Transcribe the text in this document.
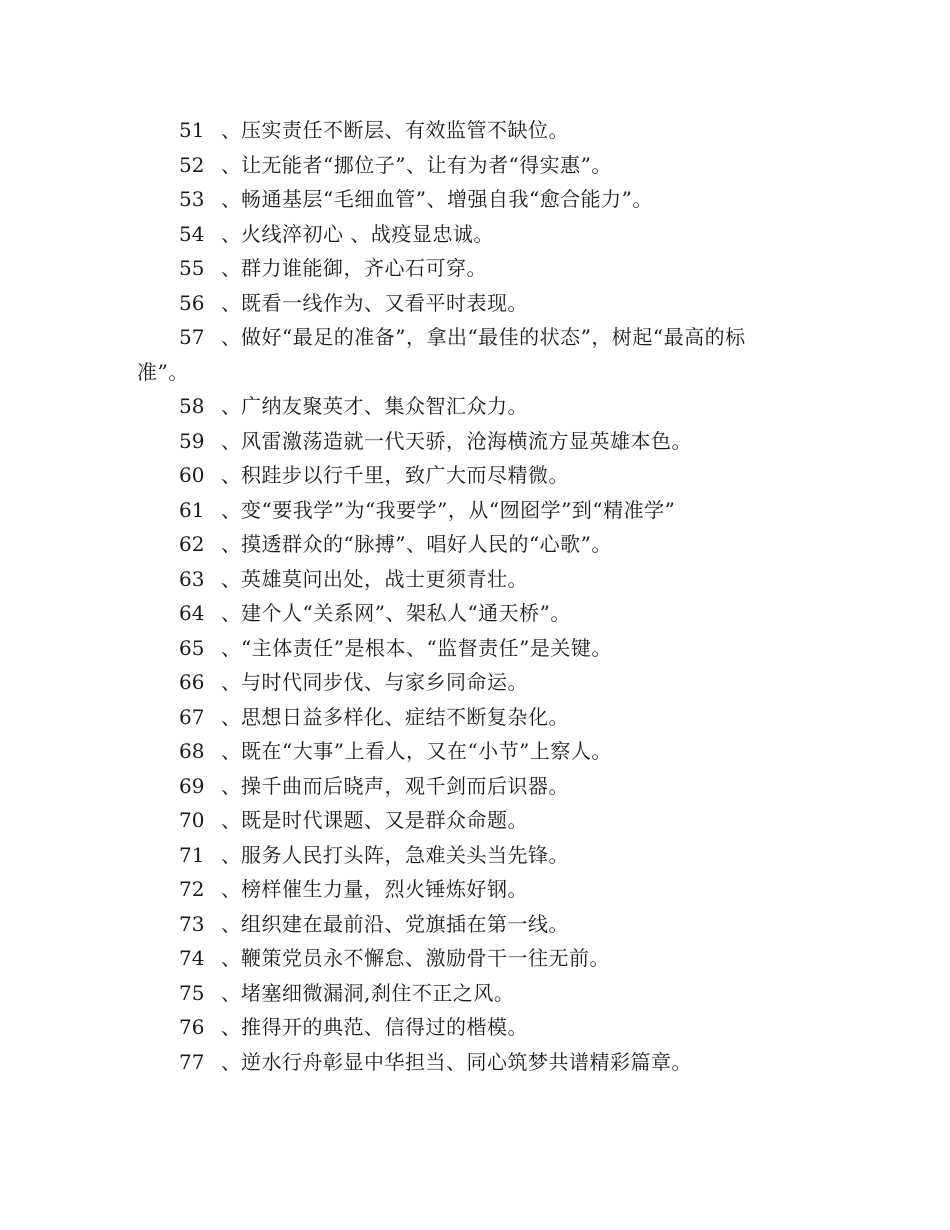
51 、 压实责任不断层、有效监管不缺位。
52 、 让无能者“挪位子”、让有为者“得实惠”。
53 、 畅通基层“毛细血管”、增强自我“愈合能力”。
54 、 火线淬初心 、战疫显忠诚。
55 、 群力谁能御，齐心石可穿。
56 、 既看一线作为、又看平时表现。
57 、 做好“最足的准备”，拿出“最佳的状态”，树起“最高的标
准”。
58 、 广纳友聚英才、集众智汇众力。
59 、 风雷激荡造就一代天骄，沧海横流方显英雄本色。
60 、 积跬步以行千里，致广大而尽精微。
61 、 变“要我学”为“我要学”，从“囫囵学”到“精准学”
62 、 摸透群众的“脉搏”、唱好人民的“心歌”。
63 、 英雄莫问出处，战士更须青壮。
64 、 建个人“关系网”、架私人“通天桥”。
65 、 “主体责任”是根本、“监督责任”是关键。
66 、 与时代同步伐、与家乡同命运。
67 、 思想日益多样化、症结不断复杂化。
68 、 既在“大事”上看人，又在“小节”上察人。
69 、 操千曲而后晓声，观千剑而后识器。
70 、 既是时代课题、又是群众命题。
71 、 服务人民打头阵，急难关头当先锋。
72 、 榜样催生力量，烈火锤炼好钢。
73 、 组织建在最前沿、党旗插在第一线。
74 、 鞭策党员永不懈怠、激励骨干一往无前。
75 、 堵塞细微漏洞,刹住不正之风。
76 、 推得开的典范、信得过的楷模。
77 、 逆水行舟彰显中华担当、同心筑梦共谱精彩篇章。
